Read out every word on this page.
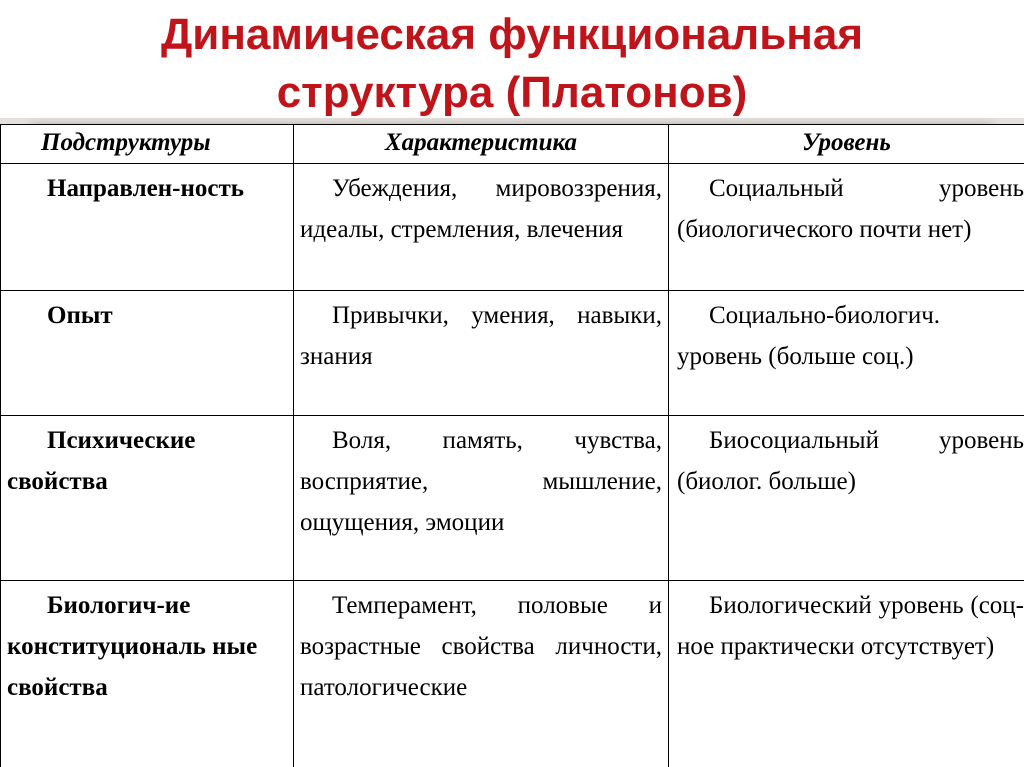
Динамическая функциональная
структура (Платонов)
Подструктуры	Характеристика	Уровень
Направлен-ность	Убеждения, мировоззрения, идеалы, стремления, влечения	Социальный уровень (биологического почти нет)
Опыт	Привычки, умения, навыки, знания	Социально-биологич. уровень (больше соц.)
Психические свойства	Воля, память, чувства, восприятие, мышление, ощущения, эмоции	Биосоциальный уровень (биолог. больше)
Биологич-ие конституциональ ные свойства	Темперамент, половые и возрастные свойства личности, патологические	Биологический уровень (соц-ное практически отсутствует)
